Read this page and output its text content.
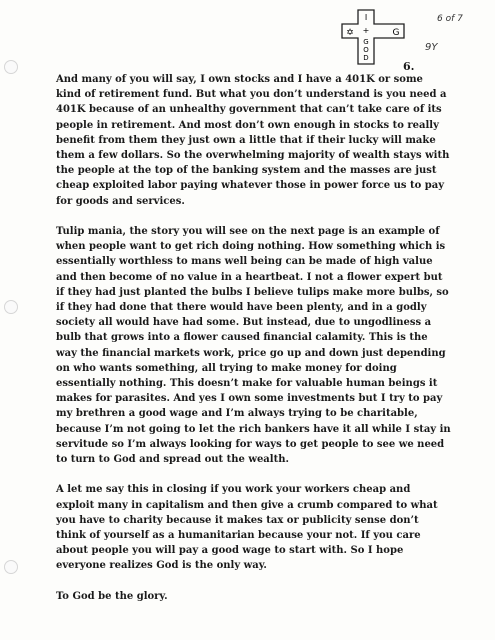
I
✡	G
+
G
O
D
6 of 7
9Y
6.
And many of you will say, I own stocks and I have a 401K or some
kind of retirement fund. But what you don’t understand is you need a
401K because of an unhealthy government that can’t take care of its
people in retirement. And most don’t own enough in stocks to really
benefit from them they just own a little that if their lucky will make
them a few dollars. So the overwhelming majority of wealth stays with
the people at the top of the banking system and the masses are just
cheap exploited labor paying whatever those in power force us to pay
for goods and services.
Tulip mania, the story you will see on the next page is an example of
when people want to get rich doing nothing. How something which is
essentially worthless to mans well being can be made of high value
and then become of no value in a heartbeat. I not a flower expert but
if they had just planted the bulbs I believe tulips make more bulbs, so
if they had done that there would have been plenty, and in a godly
society all would have had some. But instead, due to ungodliness a
bulb that grows into a flower caused financial calamity. This is the
way the financial markets work, price go up and down just depending
on who wants something, all trying to make money for doing
essentially nothing. This doesn’t make for valuable human beings it
makes for parasites. And yes I own some investments but I try to pay
my brethren a good wage and I’m always trying to be charitable,
because I’m not going to let the rich bankers have it all while I stay in
servitude so I’m always looking for ways to get people to see we need
to turn to God and spread out the wealth.
A let me say this in closing if you work your workers cheap and
exploit many in capitalism and then give a crumb compared to what
you have to charity because it makes tax or publicity sense don’t
think of yourself as a humanitarian because your not. If you care
about people you will pay a good wage to start with. So I hope
everyone realizes God is the only way.
To God be the glory.
